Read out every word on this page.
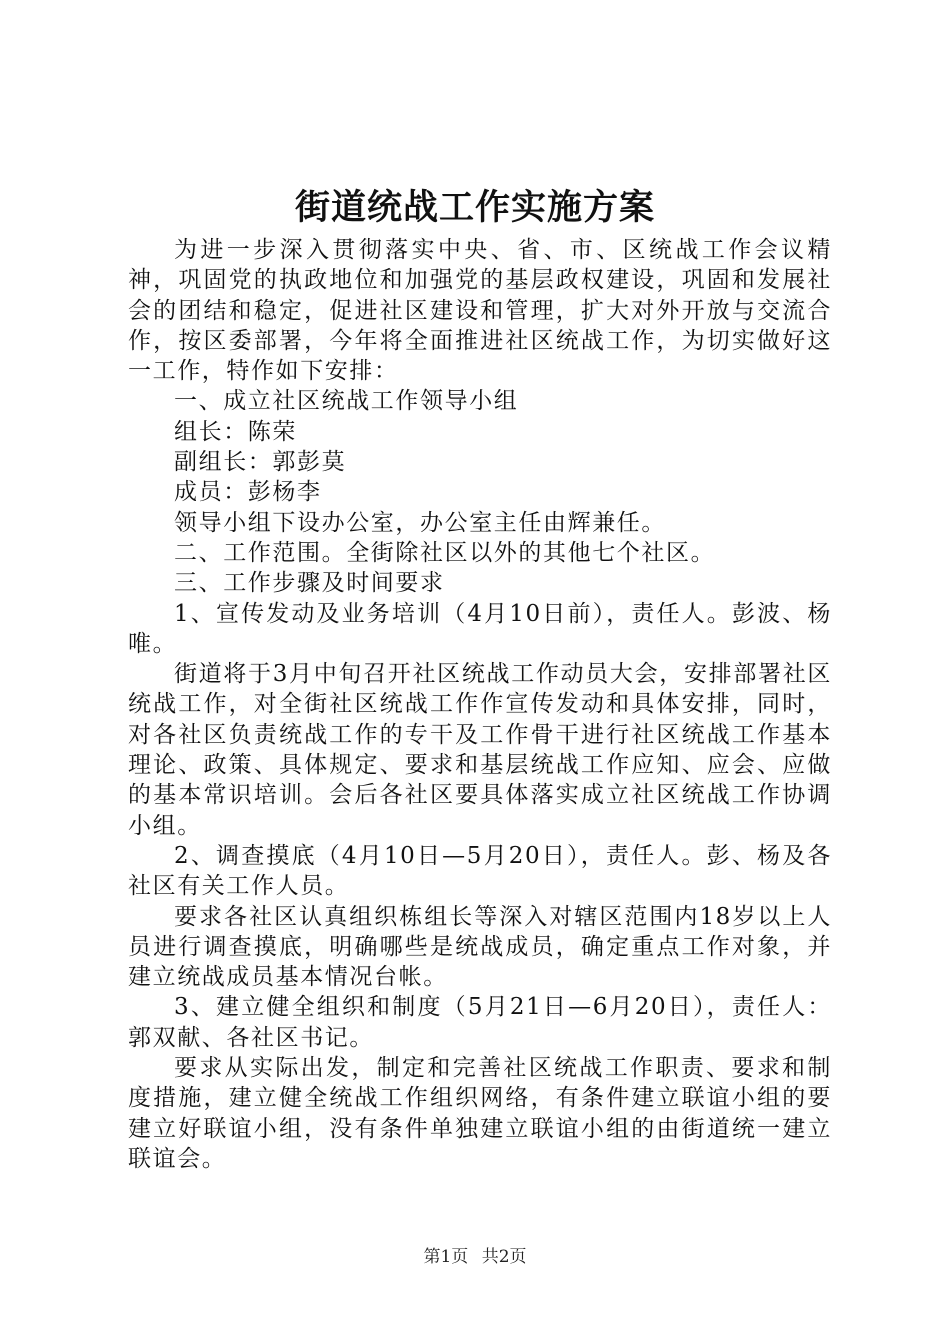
街道统战工作实施方案

为进一步深入贯彻落实中央、省、市、区统战工作会议精神，巩固党的执政地位和加强党的基层政权建设，巩固和发展社会的团结和稳定，促进社区建设和管理，扩大对外开放与交流合作，按区委部署，今年将全面推进社区统战工作，为切实做好这一工作，特作如下安排：

一、成立社区统战工作领导小组

组长：陈荣

副组长：郭彭莫

成员：彭杨李

领导小组下设办公室，办公室主任由辉兼任。

二、工作范围。全街除社区以外的其他七个社区。

三、工作步骤及时间要求

1、宣传发动及业务培训（4月10日前），责任人。彭波、杨唯。

街道将于3月中旬召开社区统战工作动员大会，安排部署社区统战工作，对全街社区统战工作作宣传发动和具体安排，同时，对各社区负责统战工作的专干及工作骨干进行社区统战工作基本理论、政策、具体规定、要求和基层统战工作应知、应会、应做的基本常识培训。会后各社区要具体落实成立社区统战工作协调小组。

2、调查摸底（4月10日—5月20日），责任人。彭、杨及各社区有关工作人员。

要求各社区认真组织栋组长等深入对辖区范围内18岁以上人员进行调查摸底，明确哪些是统战成员，确定重点工作对象，并建立统战成员基本情况台帐。

3、建立健全组织和制度（5月21日—6月20日），责任人：郭双献、各社区书记。

要求从实际出发，制定和完善社区统战工作职责、要求和制度措施，建立健全统战工作组织网络，有条件建立联谊小组的要建立好联谊小组，没有条件单独建立联谊小组的由街道统一建立联谊会。

第1页 共2页
